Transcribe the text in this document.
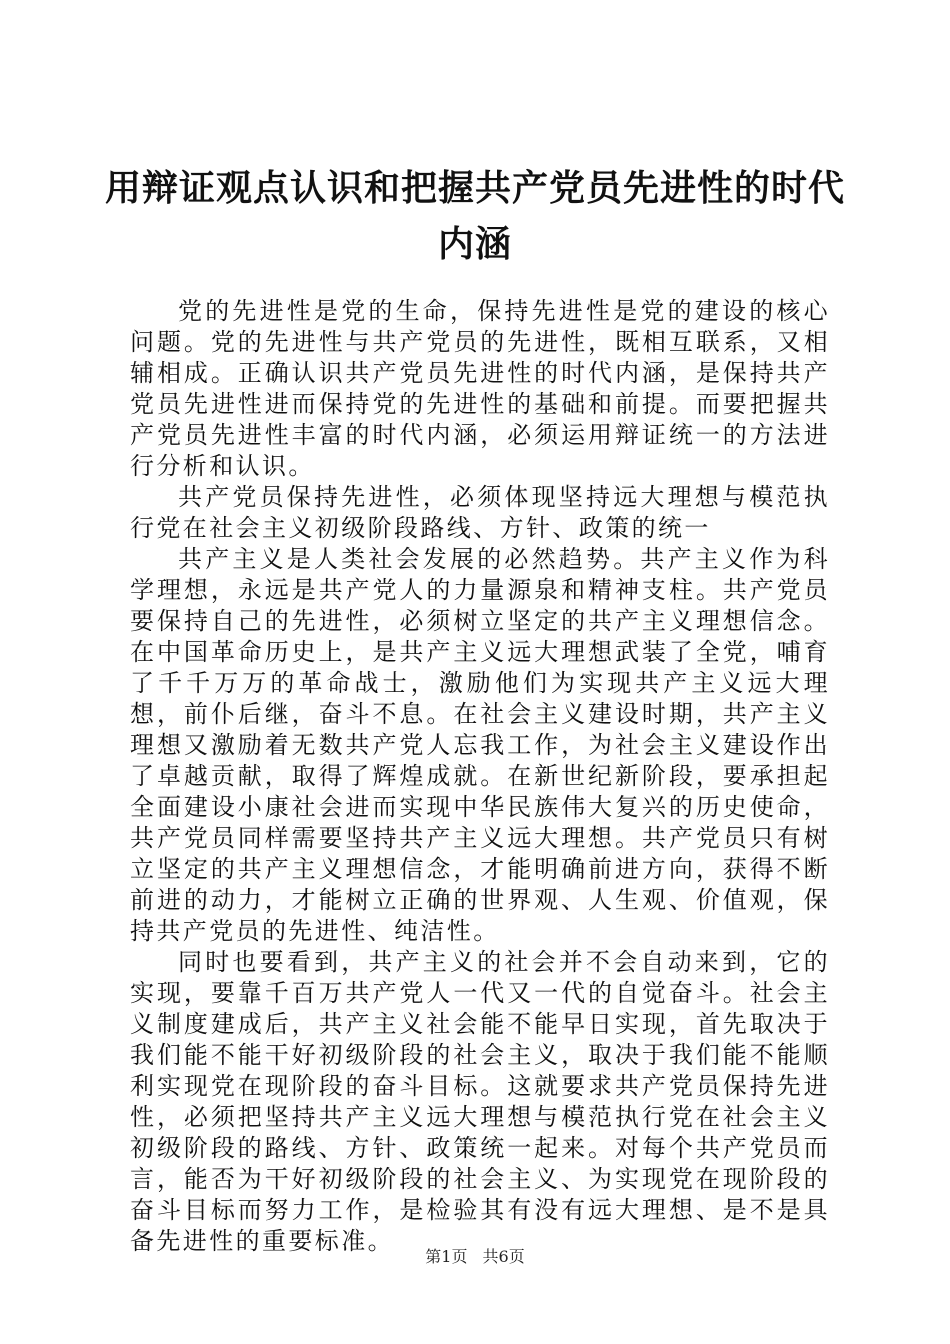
用辩证观点认识和把握共产党员先进性的时代
内涵

党的先进性是党的生命，保持先进性是党的建设的核心问题。党的先进性与共产党员的先进性，既相互联系，又相辅相成。正确认识共产党员先进性的时代内涵，是保持共产党员先进性进而保持党的先进性的基础和前提。而要把握共产党员先进性丰富的时代内涵，必须运用辩证统一的方法进行分析和认识。

共产党员保持先进性，必须体现坚持远大理想与模范执行党在社会主义初级阶段路线、方针、政策的统一

共产主义是人类社会发展的必然趋势。共产主义作为科学理想，永远是共产党人的力量源泉和精神支柱。共产党员要保持自己的先进性，必须树立坚定的共产主义理想信念。在中国革命历史上，是共产主义远大理想武装了全党，哺育了千千万万的革命战士，激励他们为实现共产主义远大理想，前仆后继，奋斗不息。在社会主义建设时期，共产主义理想又激励着无数共产党人忘我工作，为社会主义建设作出了卓越贡献，取得了辉煌成就。在新世纪新阶段，要承担起全面建设小康社会进而实现中华民族伟大复兴的历史使命，共产党员同样需要坚持共产主义远大理想。共产党员只有树立坚定的共产主义理想信念，才能明确前进方向，获得不断前进的动力，才能树立正确的世界观、人生观、价值观，保持共产党员的先进性、纯洁性。

同时也要看到，共产主义的社会并不会自动来到，它的实现，要靠千百万共产党人一代又一代的自觉奋斗。社会主义制度建成后，共产主义社会能不能早日实现，首先取决于我们能不能干好初级阶段的社会主义，取决于我们能不能顺利实现党在现阶段的奋斗目标。这就要求共产党员保持先进性，必须把坚持共产主义远大理想与模范执行党在社会主义初级阶段的路线、方针、政策统一起来。对每个共产党员而言，能否为干好初级阶段的社会主义、为实现党在现阶段的奋斗目标而努力工作，是检验其有没有远大理想、是不是具备先进性的重要标准。

第1页 共6页
